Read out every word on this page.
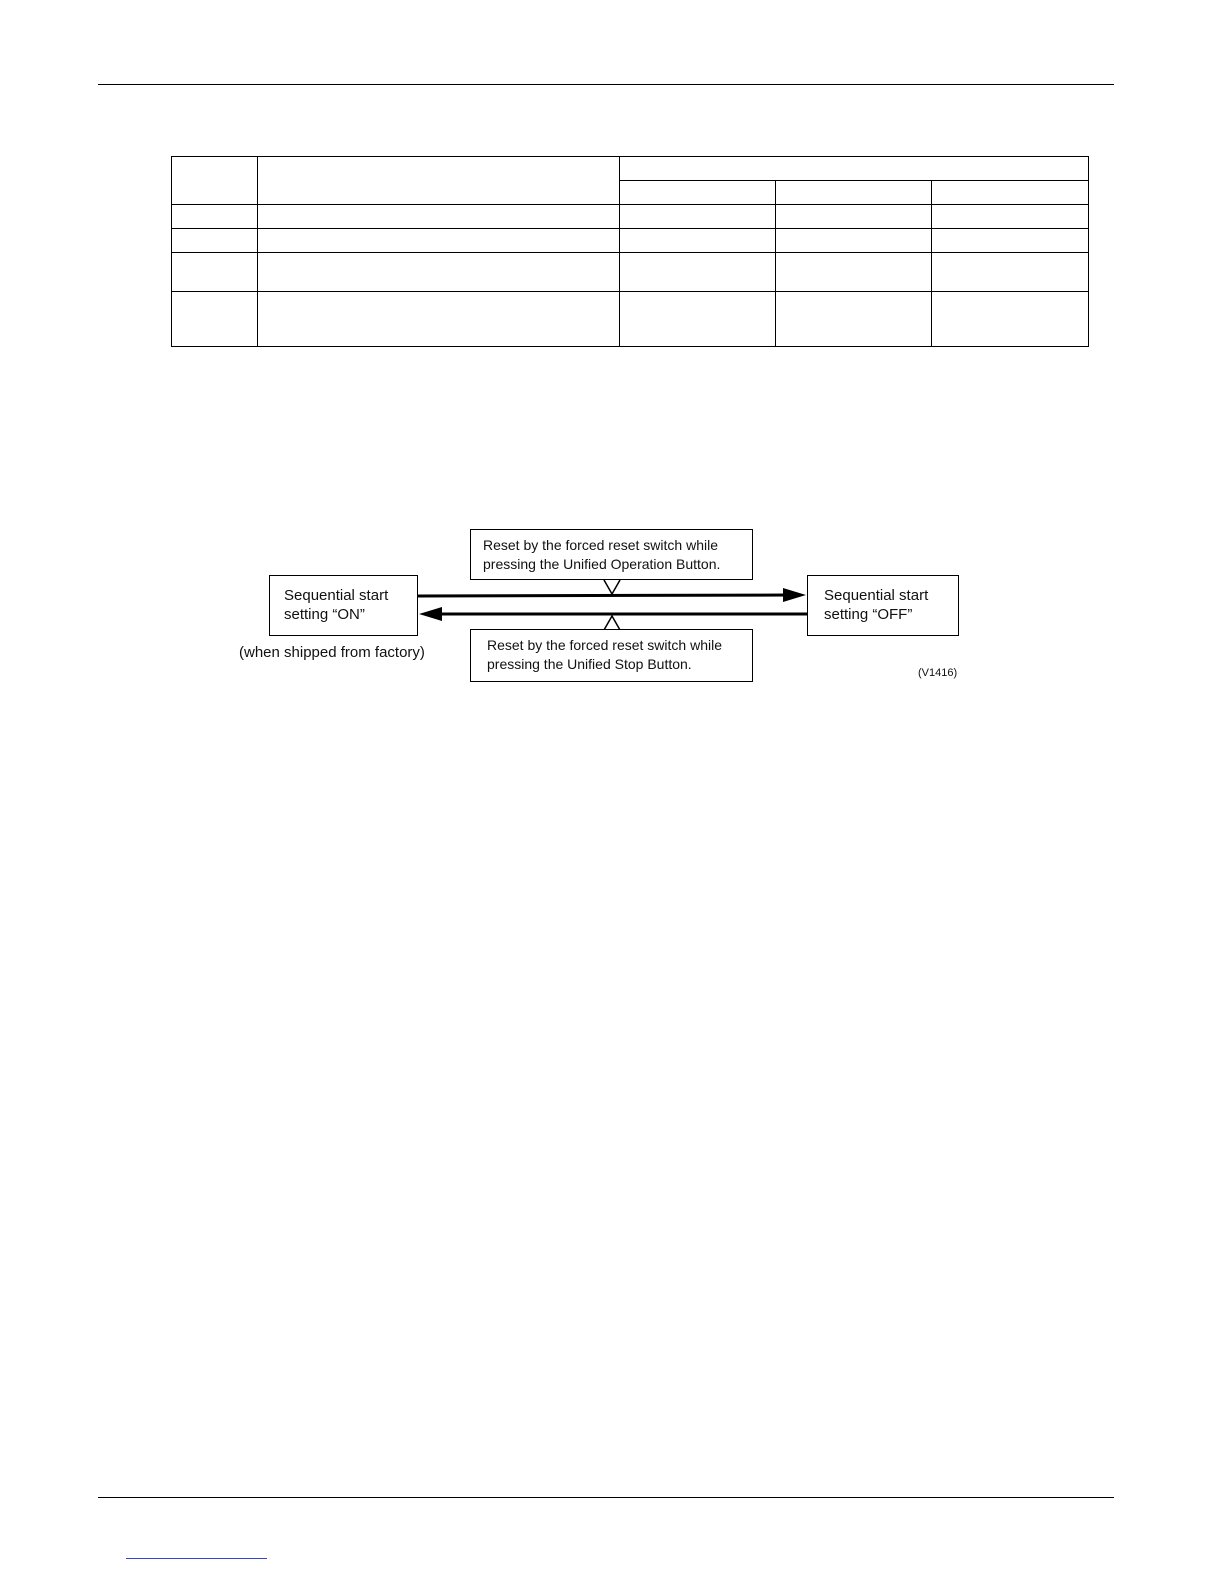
Reset by the forced reset switch while
pressing the Unified Operation Button.
Sequential start
setting “ON”
Sequential start
setting “OFF”
Reset by the forced reset switch while
pressing the Unified Stop Button.
(when shipped from factory)
(V1416)
